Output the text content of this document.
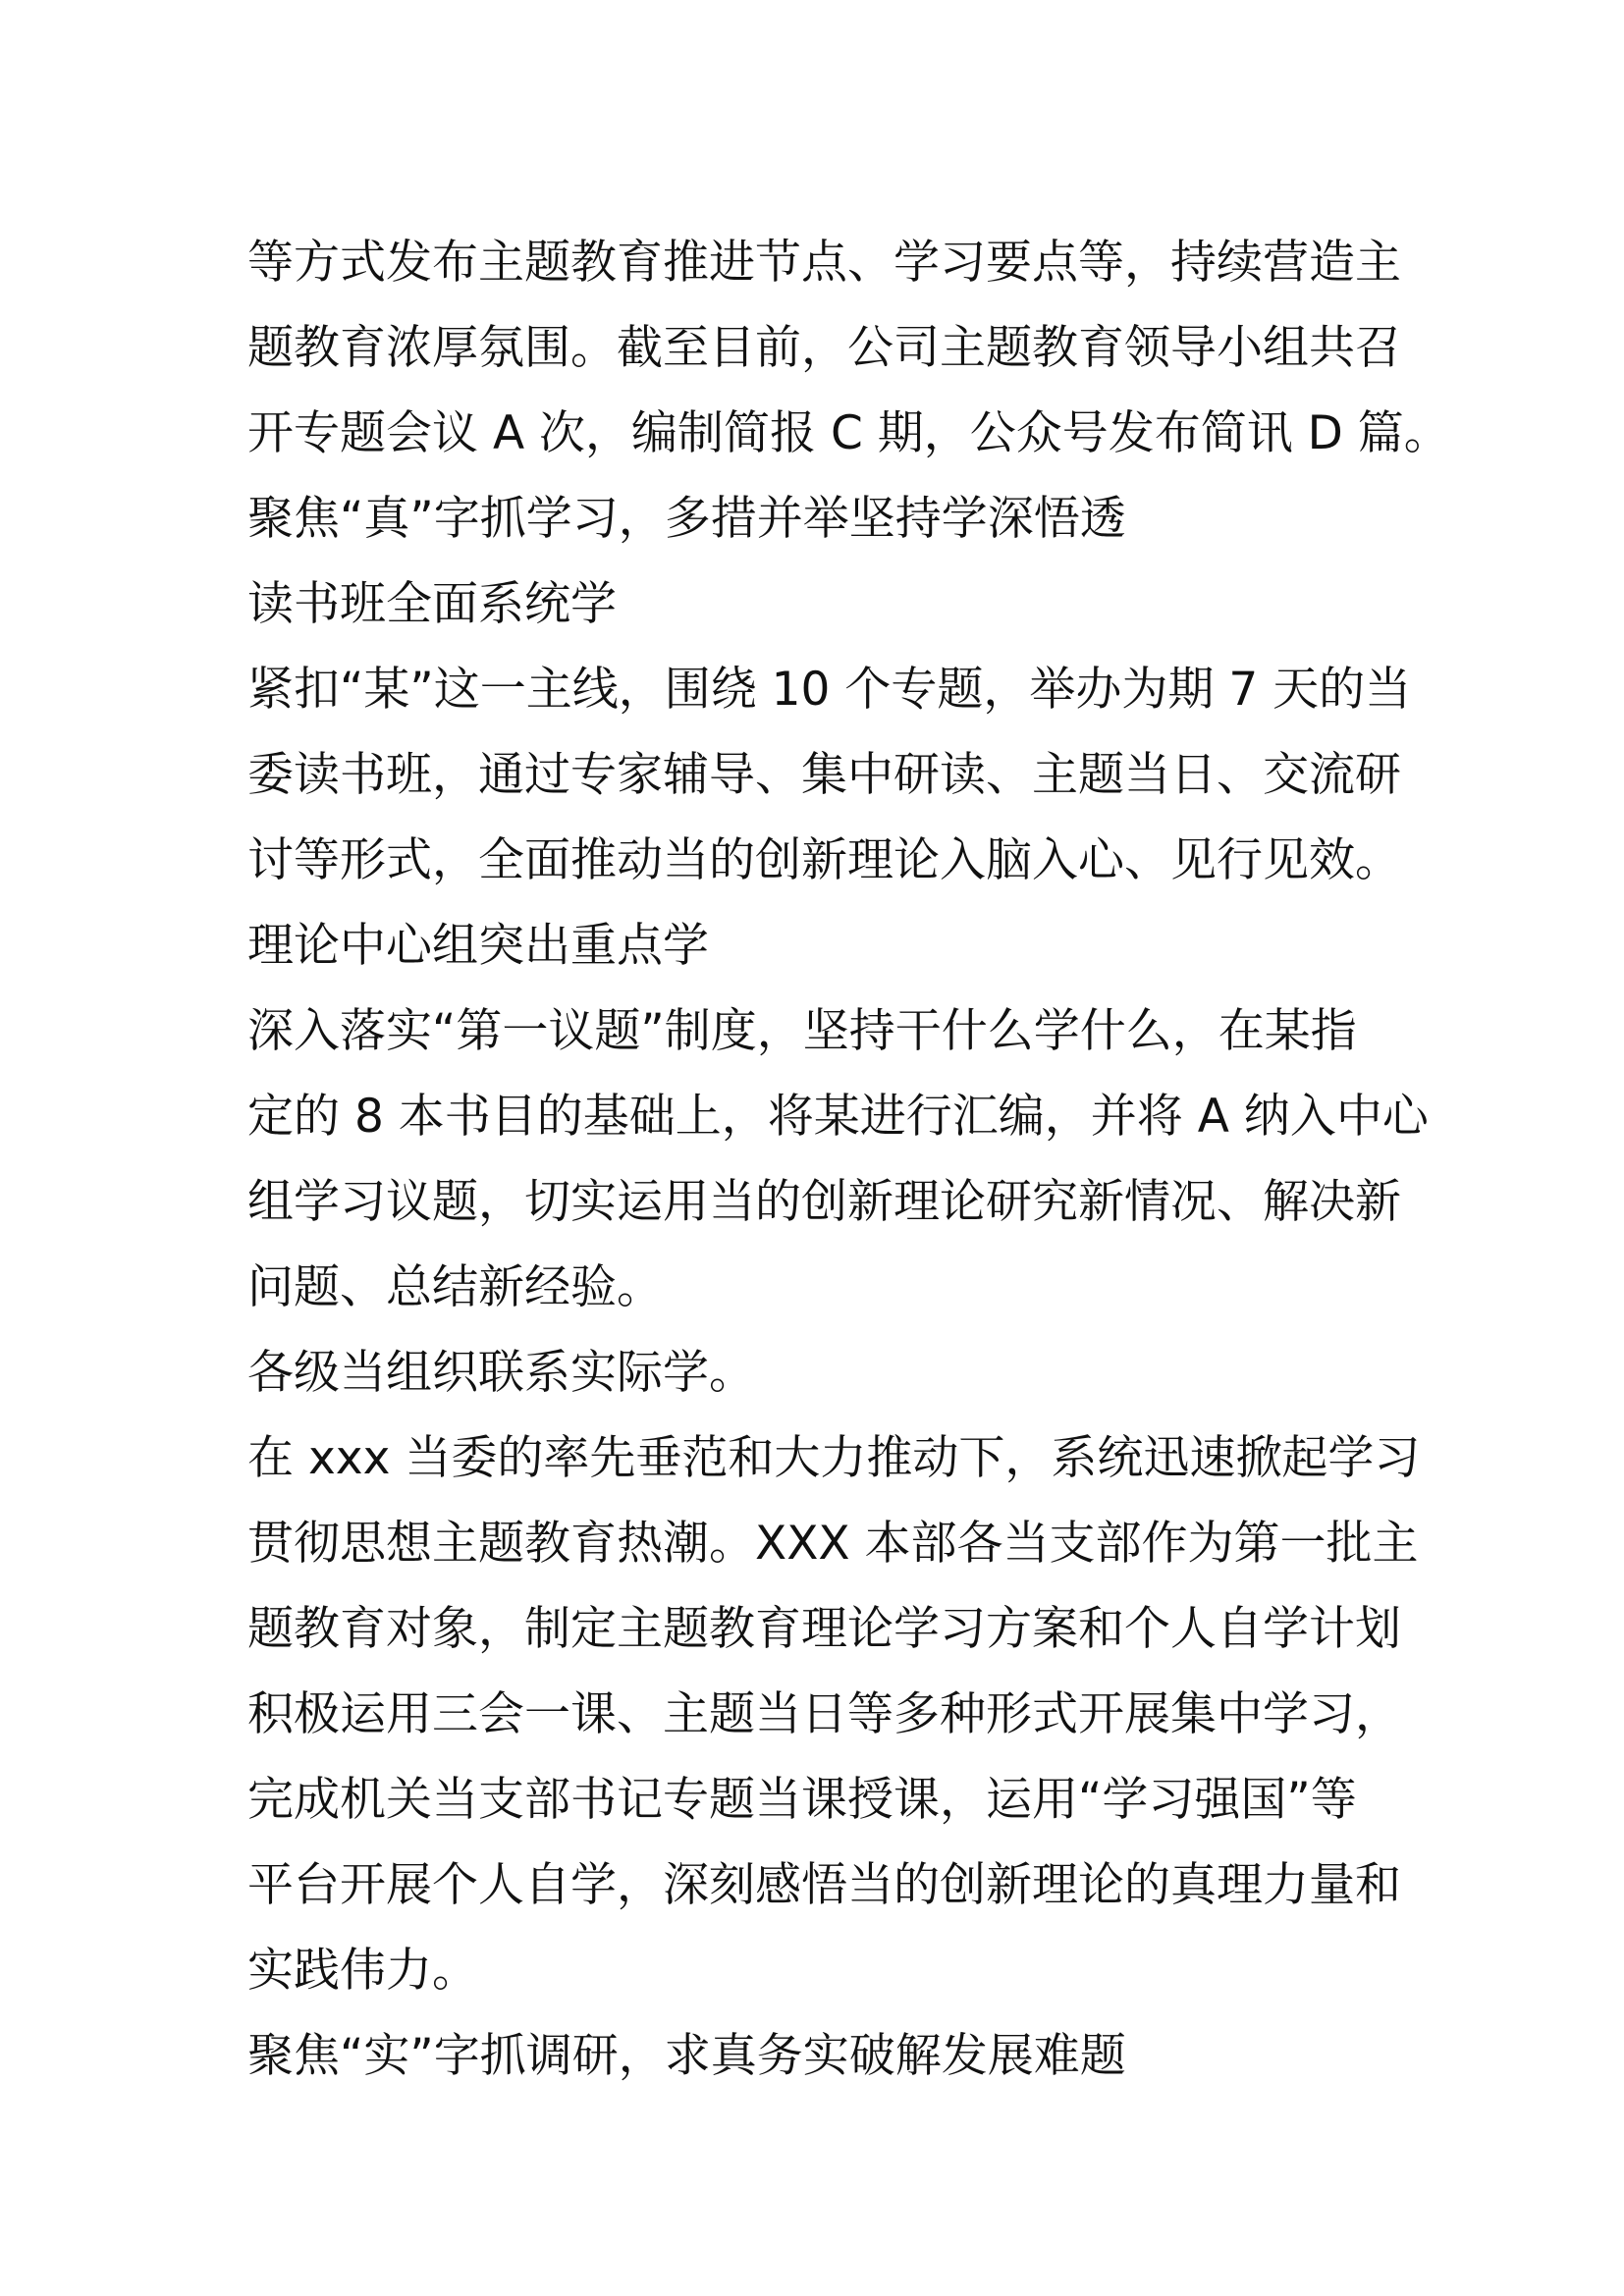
等方式发布主题教育推进节点、学习要点等，持续营造主

题教育浓厚氛围。截至目前，公司主题教育领导小组共召

开专题会议 A 次，编制简报 C 期，公众号发布简讯 D 篇。

聚焦“真”字抓学习，多措并举坚持学深悟透

读书班全面系统学

紧扣“某”这一主线，围绕 10 个专题，举办为期 7 天的当

委读书班，通过专家辅导、集中研读、主题当日、交流研

讨等形式，全面推动当的创新理论入脑入心、见行见效。

理论中心组突出重点学

深入落实“第一议题”制度，坚持干什么学什么，在某指

定的 8 本书目的基础上，将某进行汇编，并将 A 纳入中心

组学习议题，切实运用当的创新理论研究新情况、解决新

问题、总结新经验。

各级当组织联系实际学。

在 xxx 当委的率先垂范和大力推动下，系统迅速掀起学习

贯彻思想主题教育热潮。XXX 本部各当支部作为第一批主

题教育对象，制定主题教育理论学习方案和个人自学计划

积极运用三会一课、主题当日等多种形式开展集中学习，

完成机关当支部书记专题当课授课，运用“学习强国”等

平台开展个人自学，深刻感悟当的创新理论的真理力量和

实践伟力。

聚焦“实”字抓调研，求真务实破解发展难题
